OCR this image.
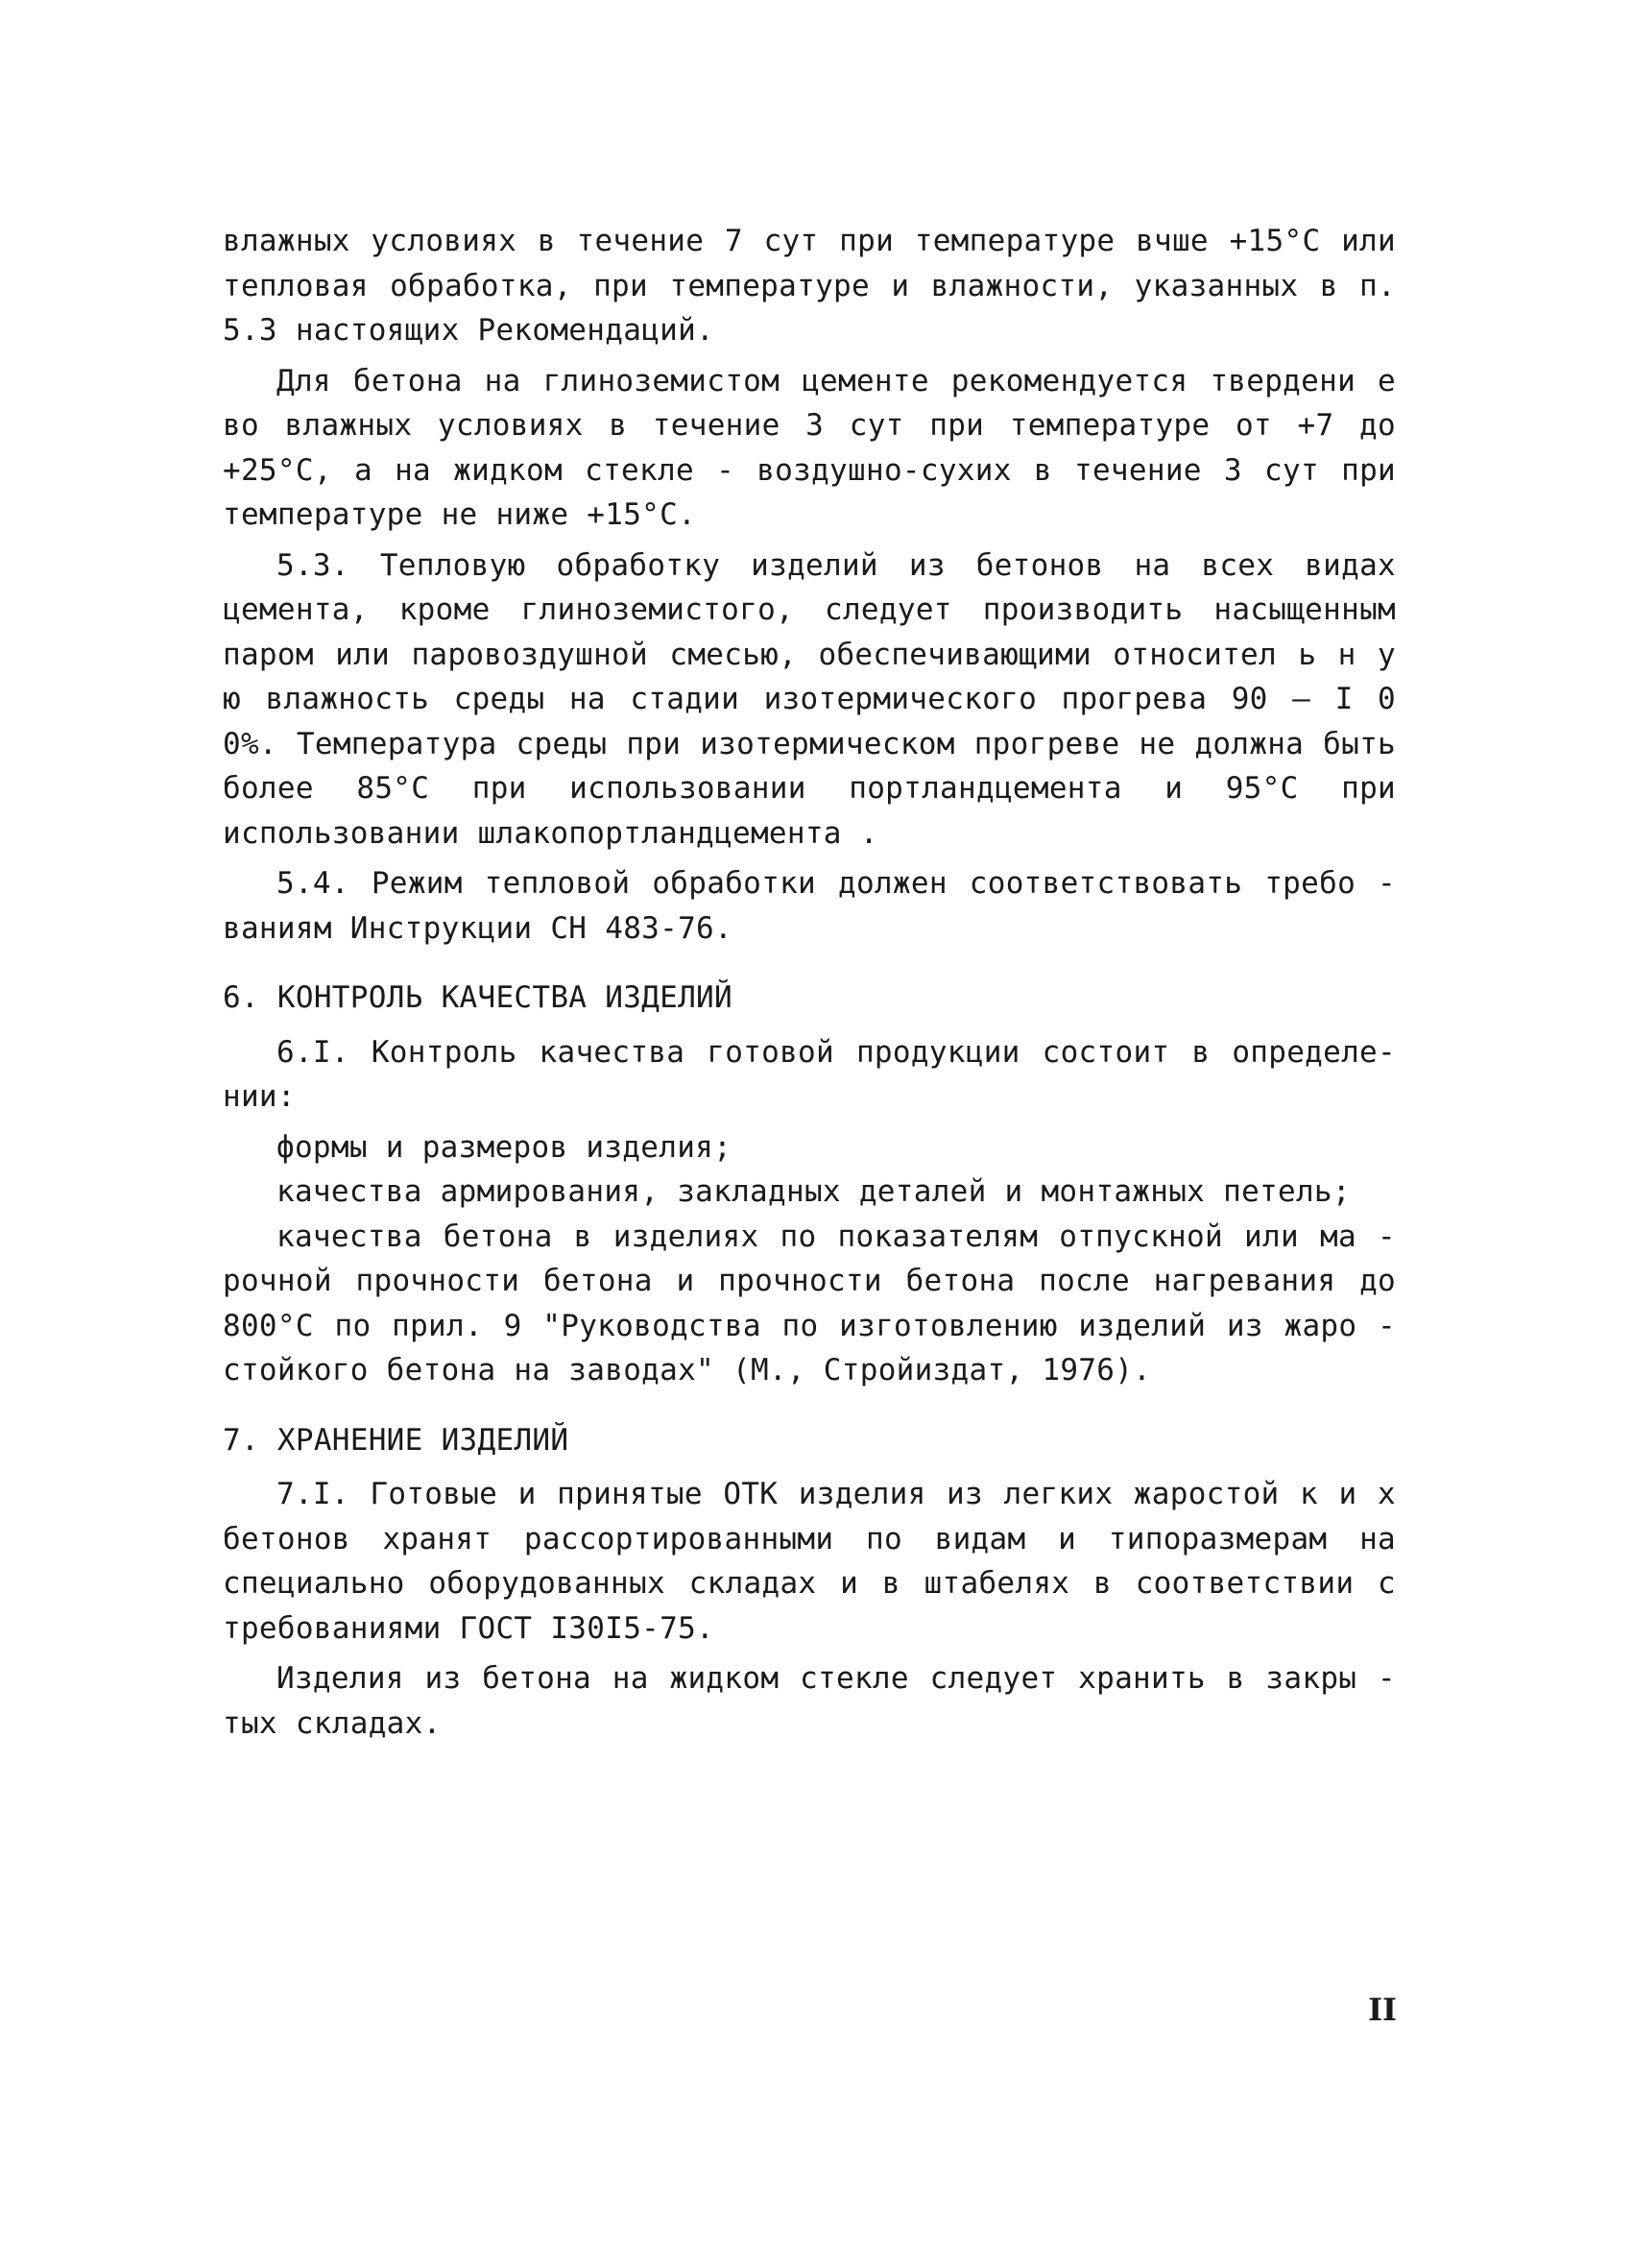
влажных условиях в течение 7 сут при температуре вчше +15°С или тепловая обработка, при температуре и влажности, указанных в п. 5.3 настоящих Рекомендаций.

Для бетона на глиноземистом цементе рекомендуется твердени е во влажных условиях в течение 3 сут при температуре от +7 до +25°С, а на жидком стекле - воздушно-сухих в течение 3 сут при температуре не ниже +15°С.

5.3. Тепловую обработку изделий из бетонов на всех видах цемента, кроме глиноземистого, следует производить насыщенным паром или паровоздушной смесью, обеспечивающими относител ь н у ю влажность среды на стадии изотермического прогрева 90 – I 0 0%. Температура среды при изотермическом прогреве не должна быть более 85°С при использовании портландцемента и 95°С при использовании шлакопортландцемента .

5.4. Режим тепловой обработки должен соответствовать требо - ваниям Инструкции СН 483-76.

6. КОНТРОЛЬ КАЧЕСТВА ИЗДЕЛИЙ

6.I. Контроль качества готовой продукции состоит в определе-нии:

формы и размеров изделия;

качества армирования, закладных деталей и монтажных петель;

качества бетона в изделиях по показателям отпускной или ма - рочной прочности бетона и прочности бетона после нагревания до 800°С по прил. 9 "Руководства по изготовлению изделий из жаро - стойкого бетона на заводах" (М., Стройиздат, 1976).

7. ХРАНЕНИЕ ИЗДЕЛИЙ

7.I. Готовые и принятые ОТК изделия из легких жаростой к и х бетонов хранят рассортированными по видам и типоразмерам на специально оборудованных складах и в штабелях в соответствии с требованиями ГОСТ I30I5-75.

Изделия из бетона на жидком стекле следует хранить в закры - тых складах.

II
